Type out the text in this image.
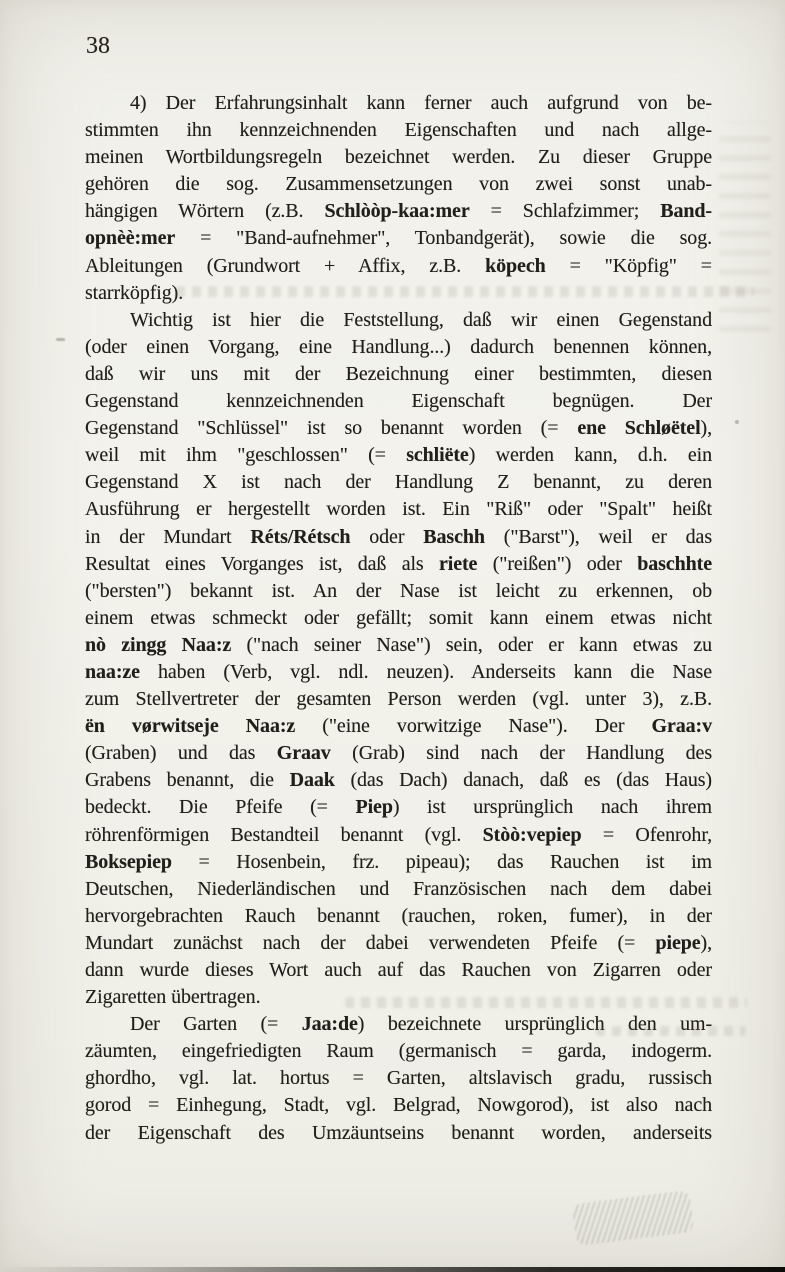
38
4) Der Erfahrungsinhalt kann ferner auch aufgrund von be-
stimmten ihn kennzeichnenden Eigenschaften und nach allge-
meinen Wortbildungsregeln bezeichnet werden. Zu dieser Gruppe
gehören die sog. Zusammensetzungen von zwei sonst unab-
hängigen Wörtern (z.B. Schlòòp-kaa:mer = Schlafzimmer; Band-
opnèè:mer = "Band-aufnehmer", Tonbandgerät), sowie die sog.
Ableitungen (Grundwort + Affix, z.B. köpech = "Köpfig" =
starrköpfig).
Wichtig ist hier die Feststellung, daß wir einen Gegenstand
(oder einen Vorgang, eine Handlung...) dadurch benennen können,
daß wir uns mit der Bezeichnung einer bestimmten, diesen
Gegenstand kennzeichnenden Eigenschaft begnügen. Der
Gegenstand "Schlüssel" ist so benannt worden (= ene Schløëtel),
weil mit ihm "geschlossen" (= schliëte) werden kann, d.h. ein
Gegenstand X ist nach der Handlung Z benannt, zu deren
Ausführung er hergestellt worden ist. Ein "Riß" oder "Spalt" heißt
in der Mundart Réts/Rétsch oder Baschh ("Barst"), weil er das
Resultat eines Vorganges ist, daß als riete ("reißen") oder baschhte
("bersten") bekannt ist. An der Nase ist leicht zu erkennen, ob
einem etwas schmeckt oder gefällt; somit kann einem etwas nicht
nò zingg Naa:z ("nach seiner Nase") sein, oder er kann etwas zu
naa:ze haben (Verb, vgl. ndl. neuzen). Anderseits kann die Nase
zum Stellvertreter der gesamten Person werden (vgl. unter 3), z.B.
ën vørwitseje Naa:z ("eine vorwitzige Nase"). Der Graa:v
(Graben) und das Graav (Grab) sind nach der Handlung des
Grabens benannt, die Daak (das Dach) danach, daß es (das Haus)
bedeckt. Die Pfeife (= Piep) ist ursprünglich nach ihrem
röhrenförmigen Bestandteil benannt (vgl. Stòò:vepiep = Ofenrohr,
Boksepiep = Hosenbein, frz. pipeau); das Rauchen ist im
Deutschen, Niederländischen und Französischen nach dem dabei
hervorgebrachten Rauch benannt (rauchen, roken, fumer), in der
Mundart zunächst nach der dabei verwendeten Pfeife (= piepe),
dann wurde dieses Wort auch auf das Rauchen von Zigarren oder
Zigaretten übertragen.
Der Garten (= Jaa:de) bezeichnete ursprünglich den um-
zäumten, eingefriedigten Raum (germanisch = garda, indogerm.
ghordho, vgl. lat. hortus = Garten, altslavisch gradu, russisch
gorod = Einhegung, Stadt, vgl. Belgrad, Nowgorod), ist also nach
der Eigenschaft des Umzäuntseins benannt worden, anderseits
